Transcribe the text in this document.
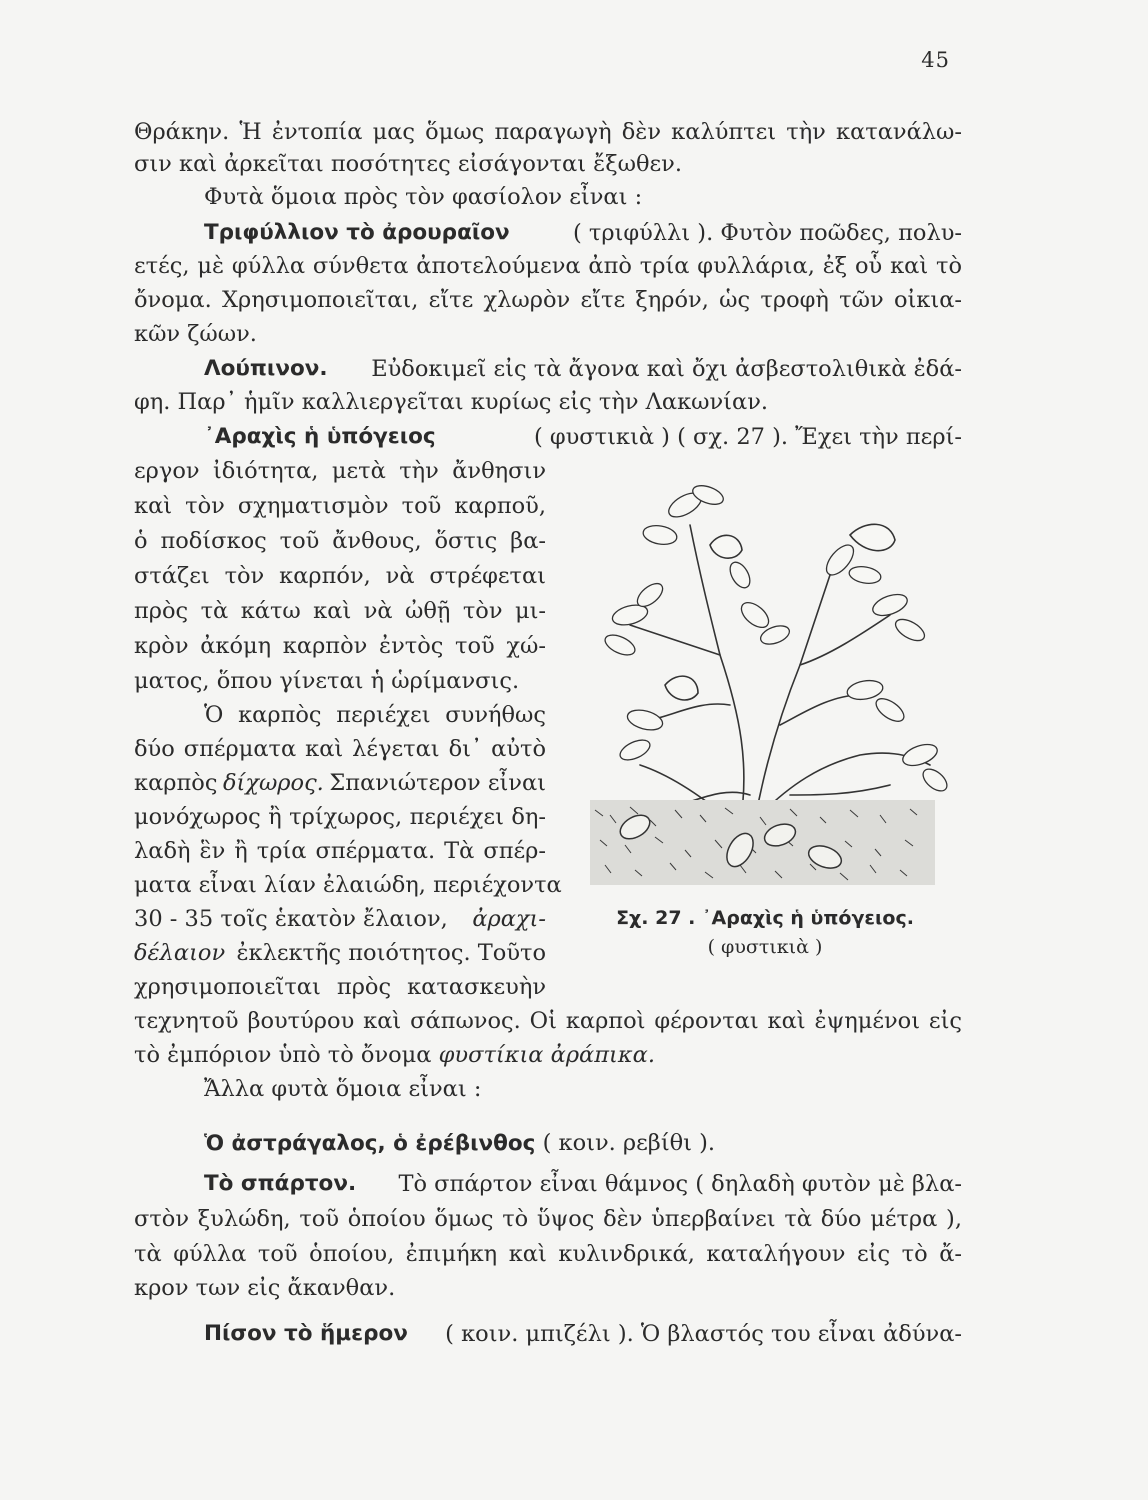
45
Θράκην. Ἡ ἐντοπία μας ὅμως παραγωγὴ δὲν καλύπτει τὴν κατανάλω-
σιν καὶ ἀρκεῖται ποσότητες εἰσάγονται ἔξωθεν.
Φυτὰ ὅμοια πρὸς τὸν φασίολον εἶναι :
Τριφύλλιον τὸ ἀρουραῖον	( τριφύλλι ). Φυτὸν ποῶδες, πολυ-
ετές, μὲ φύλλα σύνθετα ἀποτελούμενα ἀπὸ τρία φυλλάρια, ἐξ οὗ καὶ τὸ
ὄνομα. Χρησιμοποιεῖται, εἴτε χλωρὸν εἴτε ξηρόν, ὡς τροφὴ τῶν οἰκια-
κῶν ζώων.
Λούπινον. Εὐδοκιμεῖ εἰς τὰ ἄγονα καὶ ὄχι ἀσβεστολιθικὰ ἐδά-
φη. Παρ᾽ ἡμῖν καλλιεργεῖται κυρίως εἰς τὴν Λακωνίαν.
᾿Αραχὶς ἡ ὑπόγειος	( φυστικιὰ ) ( σχ. 27 ). Ἔχει τὴν περί-
εργον ἰδιότητα, μετὰ τὴν ἄνθησιν
καὶ τὸν σχηματισμὸν τοῦ καρποῦ,
ὁ ποδίσκος τοῦ ἄνθους, ὅστις βα-
στάζει τὸν καρπόν, νὰ στρέφεται
πρὸς τὰ κάτω καὶ νὰ ὠθῇ τὸν μι-
κρὸν ἀκόμη καρπὸν ἐντὸς τοῦ χώ-
ματος, ὅπου γίνεται ἡ ὡρίμανσις.
Ὁ καρπὸς περιέχει συνήθως
δύο σπέρματα καὶ λέγεται δι᾽ αὐτὸ
καρπὸς δίχωρος. Σπανιώτερον εἶναι
μονόχωρος ἢ τρίχωρος, περιέχει δη-
λαδὴ ἓν ἢ τρία σπέρματα. Τὰ σπέρ-
ματα εἶναι λίαν ἐλαιώδη, περιέχοντα
30 - 35 τοῖς ἑκατὸν ἔλαιον, ἀραχι-
δέλαιον ἐκλεκτῆς ποιότητος. Τοῦτο
χρησιμοποιεῖται πρὸς κατασκευὴν
τεχνητοῦ βουτύρου καὶ σάπωνος. Οἱ καρποὶ φέρονται καὶ ἐψημένοι εἰς
τὸ ἐμπόριον ὑπὸ τὸ ὄνομα φυστίκια ἀράπικα.
Ἄλλα φυτὰ ὅμοια εἶναι :
Ὁ ἀστράγαλος, ὁ ἐρέβινθος ( κοιν. ρεβίθι ).
Τὸ σπάρτον. Τὸ σπάρτον εἶναι θάμνος ( δηλαδὴ φυτὸν μὲ βλα-
στὸν ξυλώδη, τοῦ ὁποίου ὅμως τὸ ὕψος δὲν ὑπερβαίνει τὰ δύο μέτρα ),
τὰ φύλλα τοῦ ὁποίου, ἐπιμήκη καὶ κυλινδρικά, καταλήγουν εἰς τὸ ἄ-
κρον των εἰς ἄκανθαν.
Πίσον τὸ ἥμερον ( κοιν. μπιζέλι ). Ὁ βλαστός του εἶναι ἀδύνα-
Σχ. 27 . ᾿Αραχὶς ἡ ὑπόγειος.
( φυστικιὰ )
